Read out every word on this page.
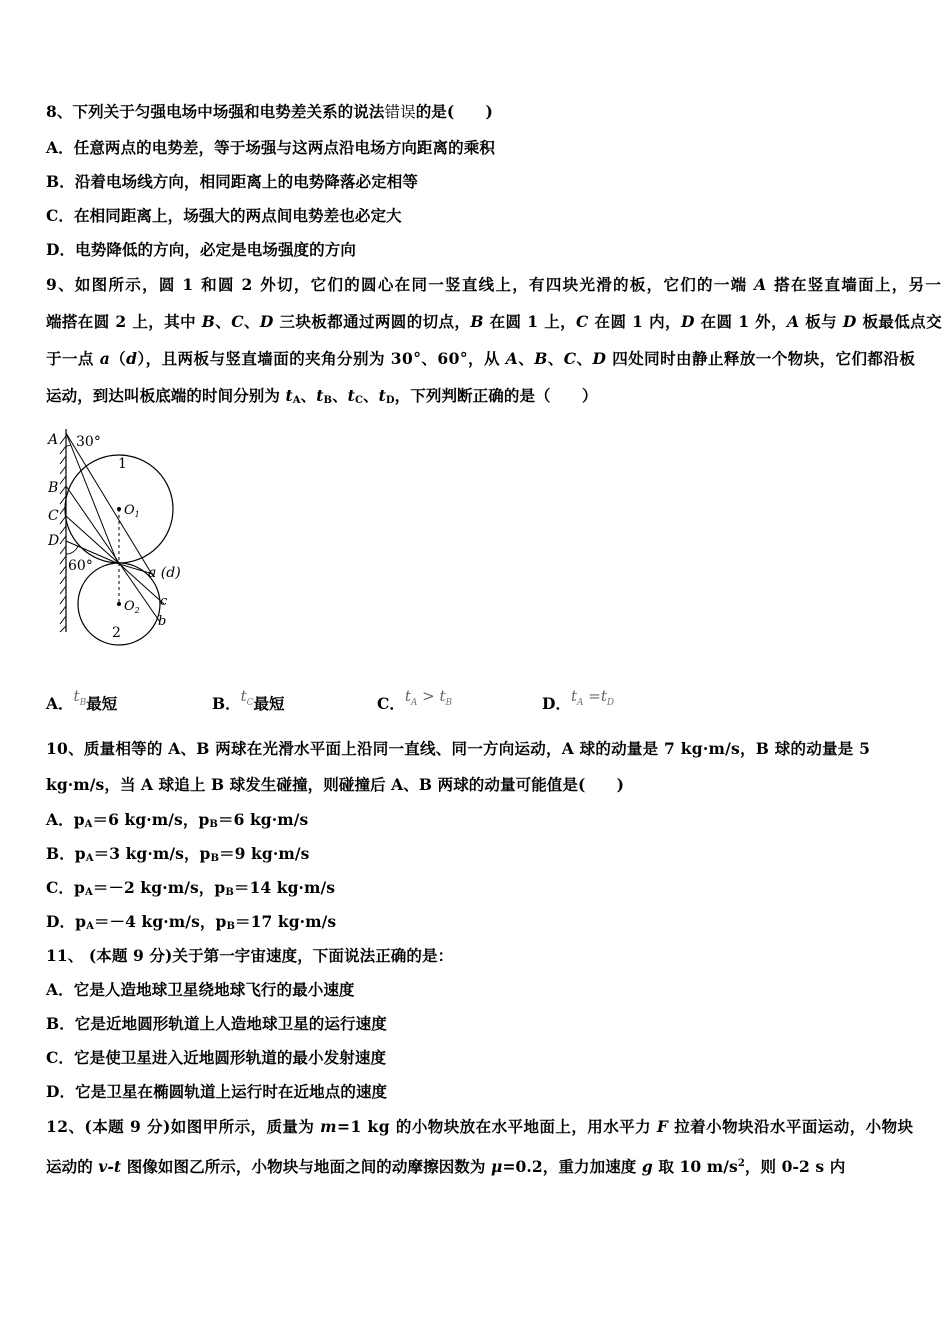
8、下列关于匀强电场中场强和电势差关系的说法错误的是(　　)
A．任意两点的电势差，等于场强与这两点沿电场方向距离的乘积
B．沿着电场线方向，相同距离上的电势降落必定相等
C．在相同距离上，场强大的两点间电势差也必定大
D．电势降低的方向，必定是电场强度的方向
9、如图所示，圆 1 和圆 2 外切，它们的圆心在同一竖直线上，有四块光滑的板，它们的一端 A 搭在竖直墙面上，另一
端搭在圆 2 上，其中 B、C、D 三块板都通过两圆的切点，B 在圆 1 上，C 在圆 1 内，D 在圆 1 外，A 板与 D 板最低点交
于一点 a（d），且两板与竖直墙面的夹角分别为 30°、60°，从 A、B、C、D 四处同时由静止释放一个物块，它们都沿板
运动，到达叫板底端的时间分别为 $t_A$、$t_B$、$t_C$、$t_D$，下列判断正确的是（　　）
A 30°
1
B
$O_1$
C
D
60°	a (d)
c
$O_2$
b
2
A．$t_B$最短	B．$t_C$最短	C．$t_A > t_B$	D．$t_A =t_D$
10、质量相等的 A、B 两球在光滑水平面上沿同一直线、同一方向运动，A 球的动量是 7 kg·m/s，B 球的动量是 5
kg·m/s，当 A 球追上 B 球发生碰撞，则碰撞后 A、B 两球的动量可能值是(　　)
A．$p_A=6$ kg·m/s，$p_B=6$ kg·m/s
B．$p_A=3$ kg·m/s，$p_B=9$ kg·m/s
C．$p_A=-2$ kg·m/s，$p_B=14$ kg·m/s
D．$p_A=-4$ kg·m/s，$p_B=17$ kg·m/s
11、 (本题 9 分)关于第一宇宙速度，下面说法正确的是：
A．它是人造地球卫星绕地球飞行的最小速度
B．它是近地圆形轨道上人造地球卫星的运行速度
C．它是使卫星进入近地圆形轨道的最小发射速度
D．它是卫星在椭圆轨道上运行时在近地点的速度
12、(本题 9 分)如图甲所示，质量为 m=1 kg 的小物块放在水平地面上，用水平力 F 拉着小物块沿水平面运动，小物块
运动的 v-t 图像如图乙所示，小物块与地面之间的动摩擦因数为 μ=0.2，重力加速度 g 取 10 $m/s^2$，则 0-2 s 内
